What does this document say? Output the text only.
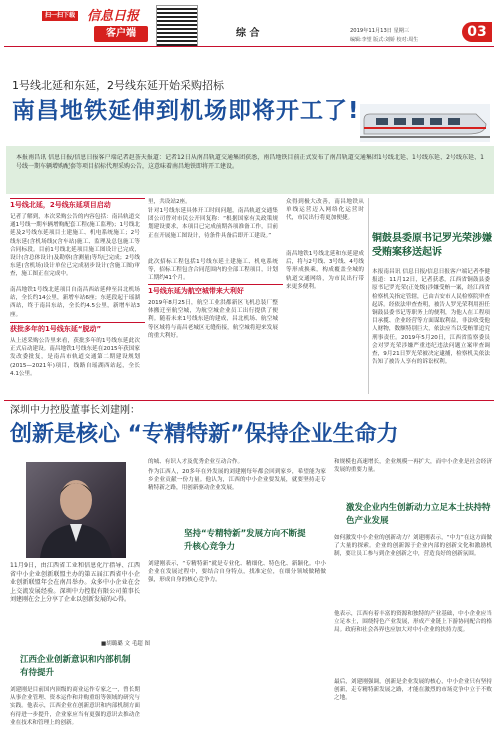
扫一扫下载 信息日报
客户端	综 合	2019年11月13日 星期三
编辑:李望 版式:刘娇 校对:周生	03
1号线北延和东延，2号线东延开始采购招标
南昌地铁延伸到机场即将开工了!
本报南昌讯 信息日报/信息日报客户端记者赵荟天报道：记者12日从南昌轨道交通集团获悉，南昌地铁目前正式发布了南昌轨道交通集团1号线北延、1号线东延、2号线东延、1号线一期车辆增购配套等项目招标代理采购公告，这意味着南昌地铁即将开工建设。
1号线北延，2号线东延项目启动
记者了解到，本次采购公告的内容包括：南昌轨道交通1号线一期车辆增购配套工程(施工监理)；1号线北延及2号线东延项目土建施工、机电系统施工；2号线东延(含机场线)(含车站)施工、监理及总包施工等合同标段。目前1号线北延项目施工图设计已完成，设计(含总体设计)及勘察(含测量)等均已完成；2号线东延(含机场)设计单位已完成初步设计(含施工图)审查，施工图正在完成中。
南昌地铁1号线北延项目自南昌西站延伸至昌北机场站，全长约14公里，新增车站6座；东延段起于瑶湖西站，终于南昌东站，全长约4.5公里，新增车站3座。
获批多年的1号线东延“脱动”
从上述采购公告里来看，获批多年的1号线东延此次正式启动建设。南昌地铁1号线东延在2015年获国家发改委批复，是南昌市轨道交通第二期建设规划(2015—2021年)项目，线路自瑶湖西站起，全长4.1公里。
里，共设站2座。
针对1号线东延具体开工时间问题，南昌轨道交通集团公司曾对市民公开回复称：“根据国家有关政策规划建设要求，本项目已完成前期各项准备工作，目前正在开展施工图设计，待条件具备后即开工建设。”
此次招标工程包括1号线东延土建施工、机电系统等，招标工程包含合同范围内的全部工程项目，计划工期约41个月。
1号线东延为航空城带来大利好
2019年8月25日，航空工业洪都新区飞机总装厂整体搬迁至航空城，为航空城企业员工出行提供了便利。随着未来1号线东延的建成，昌北机场、航空城等区域将与南昌老城区无缝衔接，航空城将迎来发展的重大利好。
众得到极大改善，南昌地铁从单线运营迈入网络化运营时代，市民出行将更加便捷。
南昌地铁1号线北延和东延建成后，将与2号线、3号线、4号线等形成换乘，构成覆盖全城的轨道交通网络，为市民出行带来更多便利。
铜鼓县委原书记罗光荣涉嫌受贿案移送起诉
本报南昌讯 信息日报/信息日报客户端记者李健报道：11月12日，记者获悉，江西省铜鼓县委原书记罗光荣(正处级)涉嫌受贿一案，经江西省检察机关指定管辖，已由吉安市人民检察院审查起诉。经依法审查查明，被告人罗光荣利用担任铜鼓县委书记等职务上的便利，为他人在工程项目承揽、企业经营等方面谋取利益，非法收受他人财物，数额特别巨大，依法应当以受贿罪追究刑事责任。2019年5月20日，江西省监察委员会对罗光荣涉嫌严重违纪违法问题立案审查调查，9月21日罗光荣被决定逮捕，检察机关依法告知了被告人享有的诉讼权利。
深圳中力控股董事长刘建刚：
创新是核心 “专精特新”保持企业生命力
11月9日，由江西省工业和信息化厅指导、江西省中小企业创新联盟主办的第五届江西省中小企业创新联盟年会在南昌举办。众多中小企业在会上交流发展经验。深圳中力控股有限公司董事长刘建刚在会上分享了企业以创新发展的心得。
■胡璐璐 文 毛超 图
江西企业创新意识和内部机制有待提升
刘建刚是目前国内顶级的商业运作专家之一，曾长期从事企业管理、资本运作和并购重组等领域的研究与实践。他表示，江西企业在创新意识和内部机制方面有待进一步提升，企业家应当有更强的意识去推动企业在技术和管理上的创新。
的城、有识人才及优秀企业互动合作。
作为江西人，20多年在外发展的刘建刚每年都会回到家乡，希望能为家乡企业贡献一份力量。他认为，江西的中小企业要发展，就要坚持走专精特新之路，用创新驱动企业发展。
坚持“专精特新”发展方向不断提升核心竞争力
刘建刚表示，“专精特新”就是专业化、精细化、特色化、新颖化。中小企业在发展过程中，要结合自身特点，找准定位，在细分领域做精做强，形成自身的核心竞争力。
和规模也高速增长，企业规模一再扩大，而中小企业是社会经济发展的重要力量。
激发企业内生创新动力立足本土扶持特色产业发展
如何激发中小企业的创新动力？刘建刚表示，“中力”在这方面做了大量的探索。企业的创新源于企业内部的创新文化和激励机制，要让员工参与到企业创新之中，营造良好的创新氛围。
他表示，江西有着丰富的资源和独特的产业基础，中小企业应当立足本土，围绕特色产业发展，形成产业链上下游协同配合的格局。政府和社会各界也应加大对中小企业的扶持力度。
最后，刘建刚强调，创新是企业发展的核心，中小企业只有坚持创新，走专精特新发展之路，才能在激烈的市场竞争中立于不败之地。
